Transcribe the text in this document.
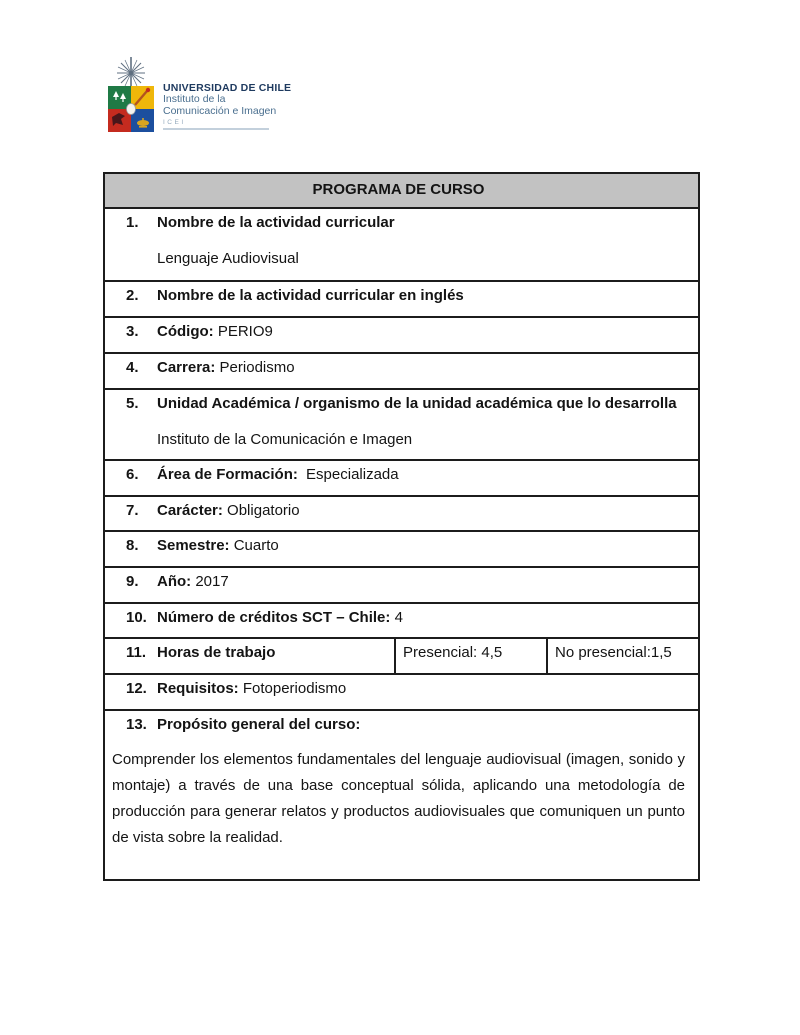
UNIVERSIDAD DE CHILE
Instituto de la
Comunicación e Imagen
ICEI
PROGRAMA DE CURSO

1. Nombre de la actividad curricular
Lenguaje Audiovisual

2. Nombre de la actividad curricular en inglés

3. Código: PERIO9

4. Carrera: Periodismo

5. Unidad Académica / organismo de la unidad académica que lo desarrolla
Instituto de la Comunicación e Imagen

6. Área de Formación: Especializada

7. Carácter: Obligatorio

8. Semestre: Cuarto

9. Año: 2017

10. Número de créditos SCT – Chile: 4

11. Horas de trabajo	Presencial: 4,5	No presencial:1,5

12. Requisitos: Fotoperiodismo

13. Propósito general del curso:

Comprender los elementos fundamentales del lenguaje audiovisual (imagen, sonido y montaje) a través de una base conceptual sólida, aplicando una metodología de producción para generar relatos y productos audiovisuales que comuniquen un punto de vista sobre la realidad.
